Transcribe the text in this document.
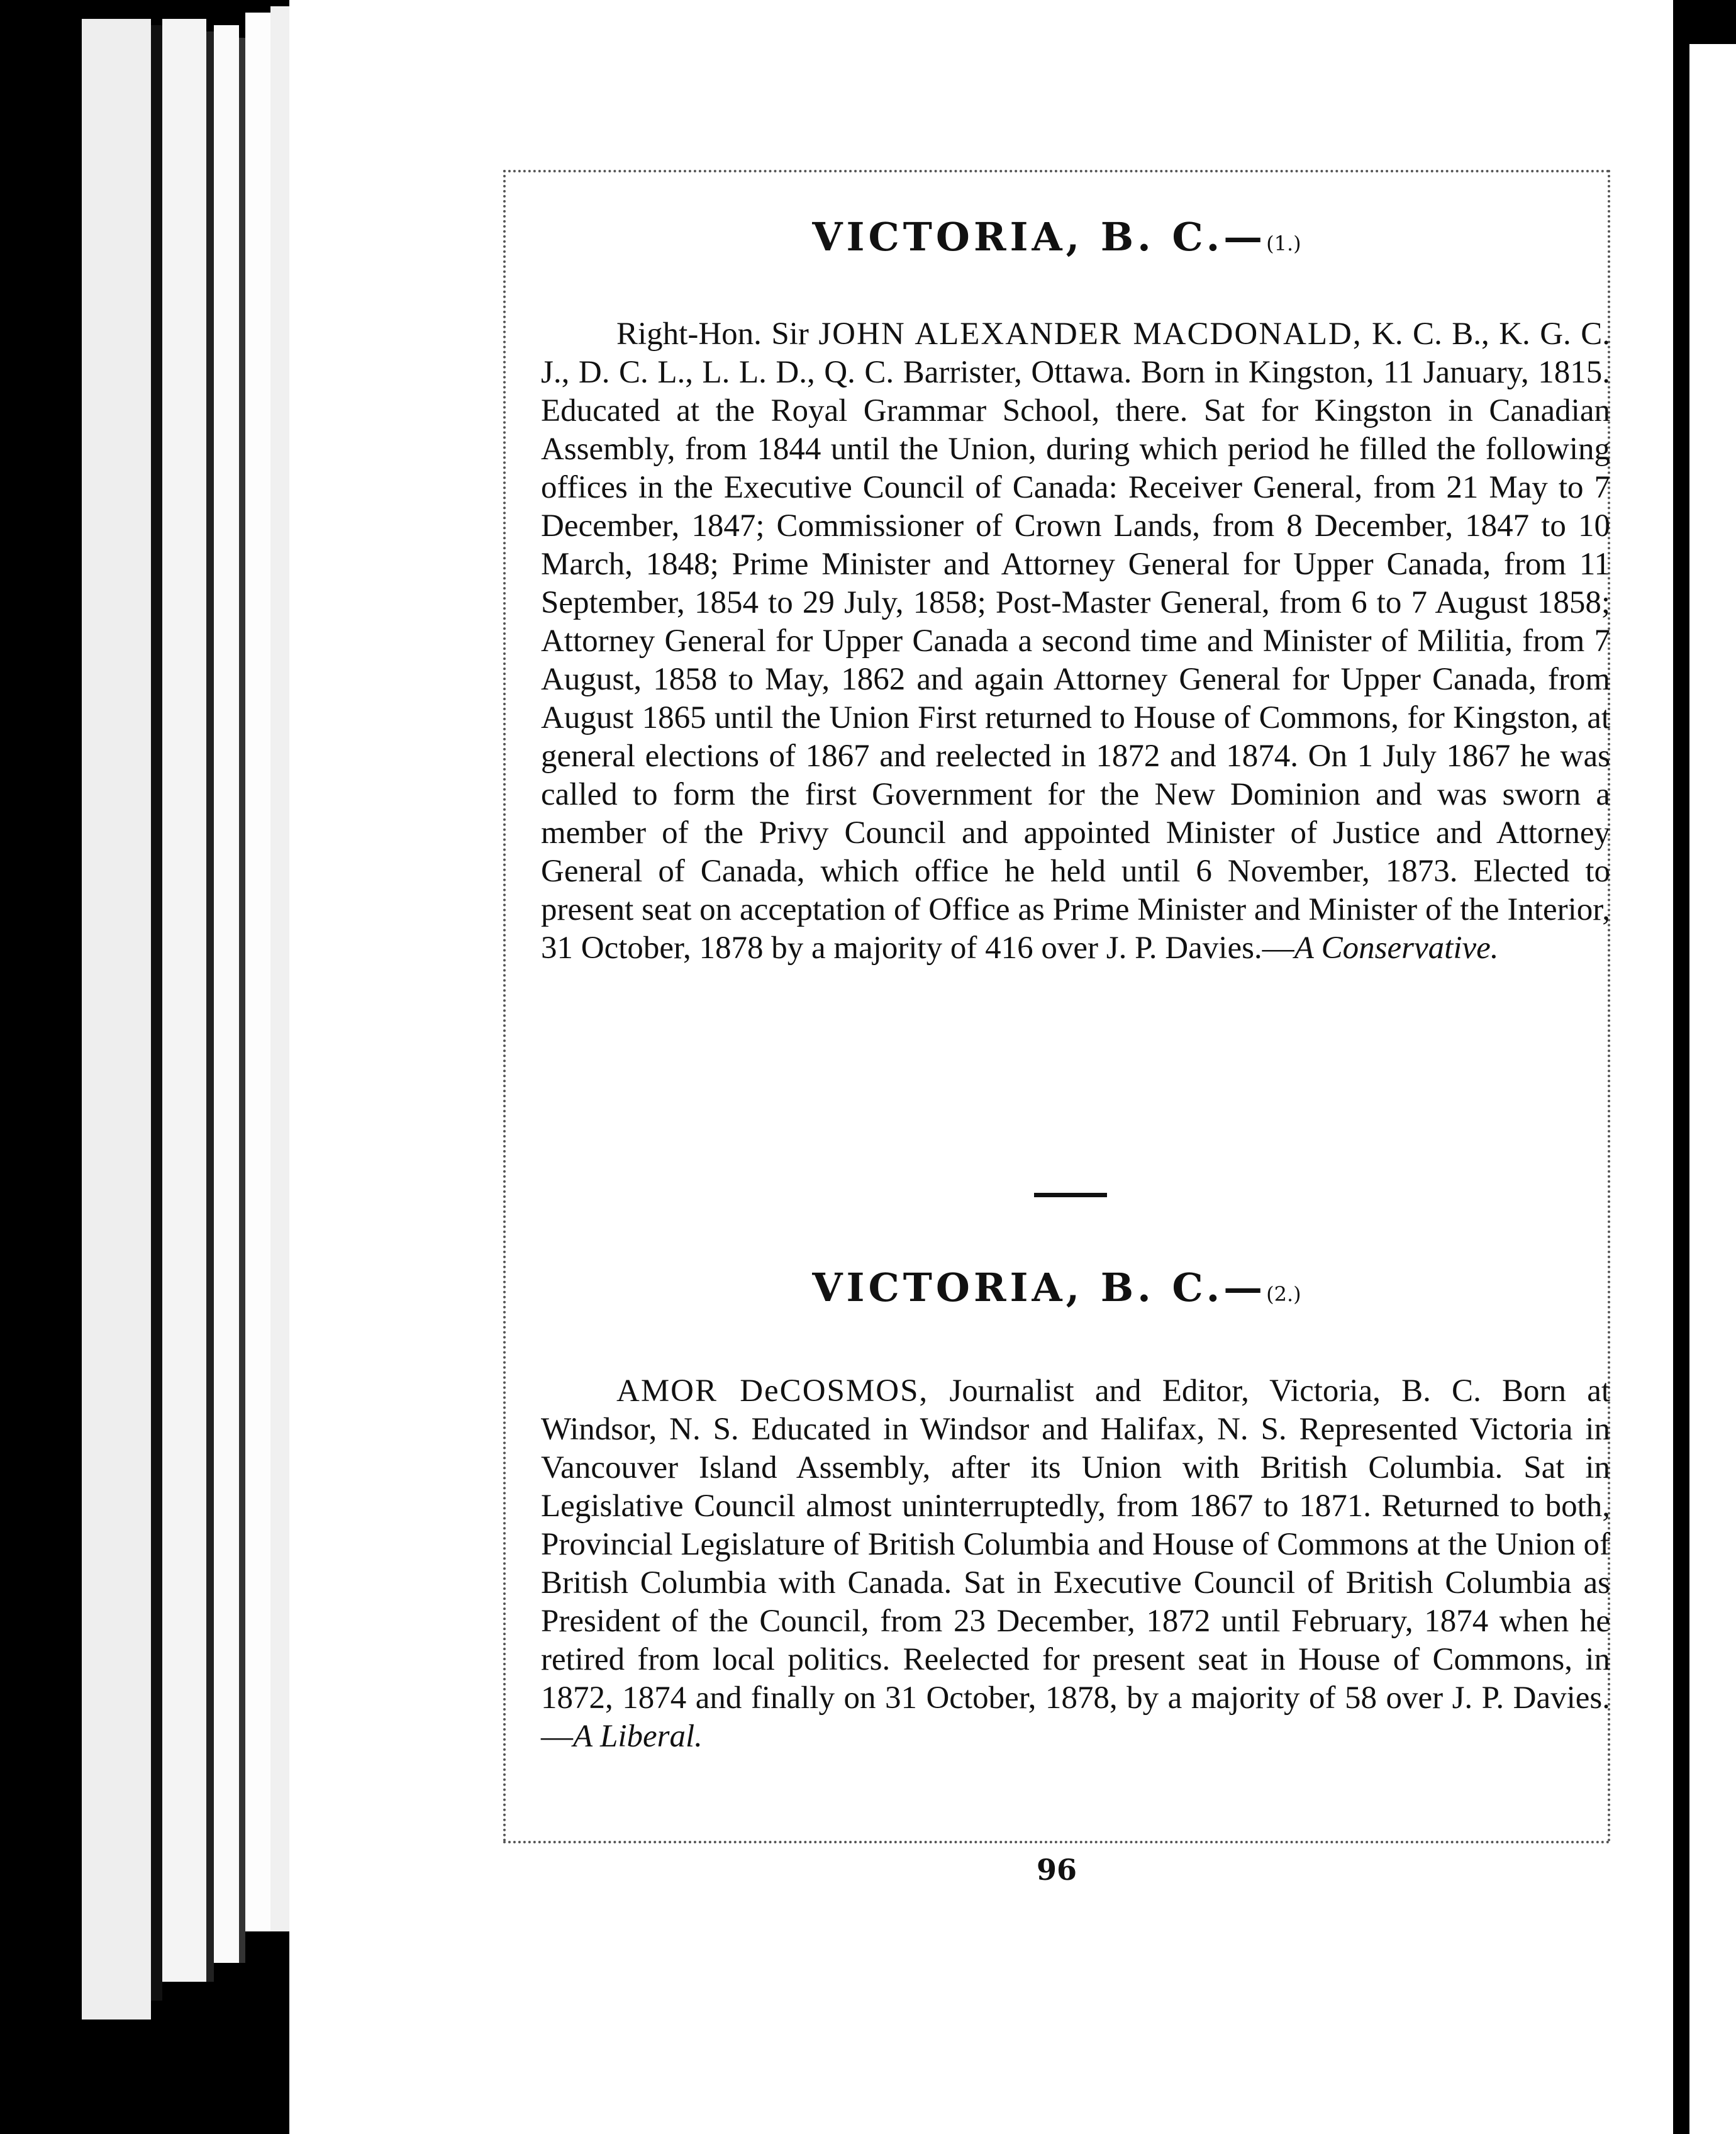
VICTORIA, B. C.—(1.)

Right-Hon. Sir JOHN ALEXANDER MACDONALD, K. C. B., K. G. C. J., D. C. L., L. L. D., Q. C. Barrister, Ottawa. Born in Kingston, 11 January, 1815. Educated at the Royal Grammar School, there. Sat for Kingston in Canadian Assembly, from 1844 until the Union, during which period he filled the following offices in the Executive Council of Canada: Receiver General, from 21 May to 7 December, 1847; Commissioner of Crown Lands, from 8 December, 1847 to 10 March, 1848; Prime Minister and Attorney General for Upper Canada, from 11 September, 1854 to 29 July, 1858; Post-Master General, from 6 to 7 August 1858; Attorney General for Upper Canada a second time and Minister of Militia, from 7 August, 1858 to May, 1862 and again Attorney General for Upper Canada, from August 1865 until the Union First returned to House of Commons, for Kingston, at general elections of 1867 and reelected in 1872 and 1874. On 1 July 1867 he was called to form the first Government for the New Dominion and was sworn a member of the Privy Council and appointed Minister of Justice and Attorney General of Canada, which office he held until 6 November, 1873. Elected to present seat on acceptation of Office as Prime Minister and Minister of the Interior, 31 October, 1878 by a majority of 416 over J. P. Davies.—A Conservative.

VICTORIA, B. C.—(2.)

AMOR DeCOSMOS, Journalist and Editor, Victoria, B. C. Born at Windsor, N. S. Educated in Windsor and Halifax, N. S. Represented Victoria in Vancouver Island Assembly, after its Union with British Columbia. Sat in Legislative Council almost uninterruptedly, from 1867 to 1871. Returned to both, Provincial Legislature of British Columbia and House of Commons at the Union of British Columbia with Canada. Sat in Executive Council of British Columbia as President of the Council, from 23 December, 1872 until February, 1874 when he retired from local politics. Reelected for present seat in House of Commons, in 1872, 1874 and finally on 31 October, 1878, by a majority of 58 over J. P. Davies.—A Liberal.

96
